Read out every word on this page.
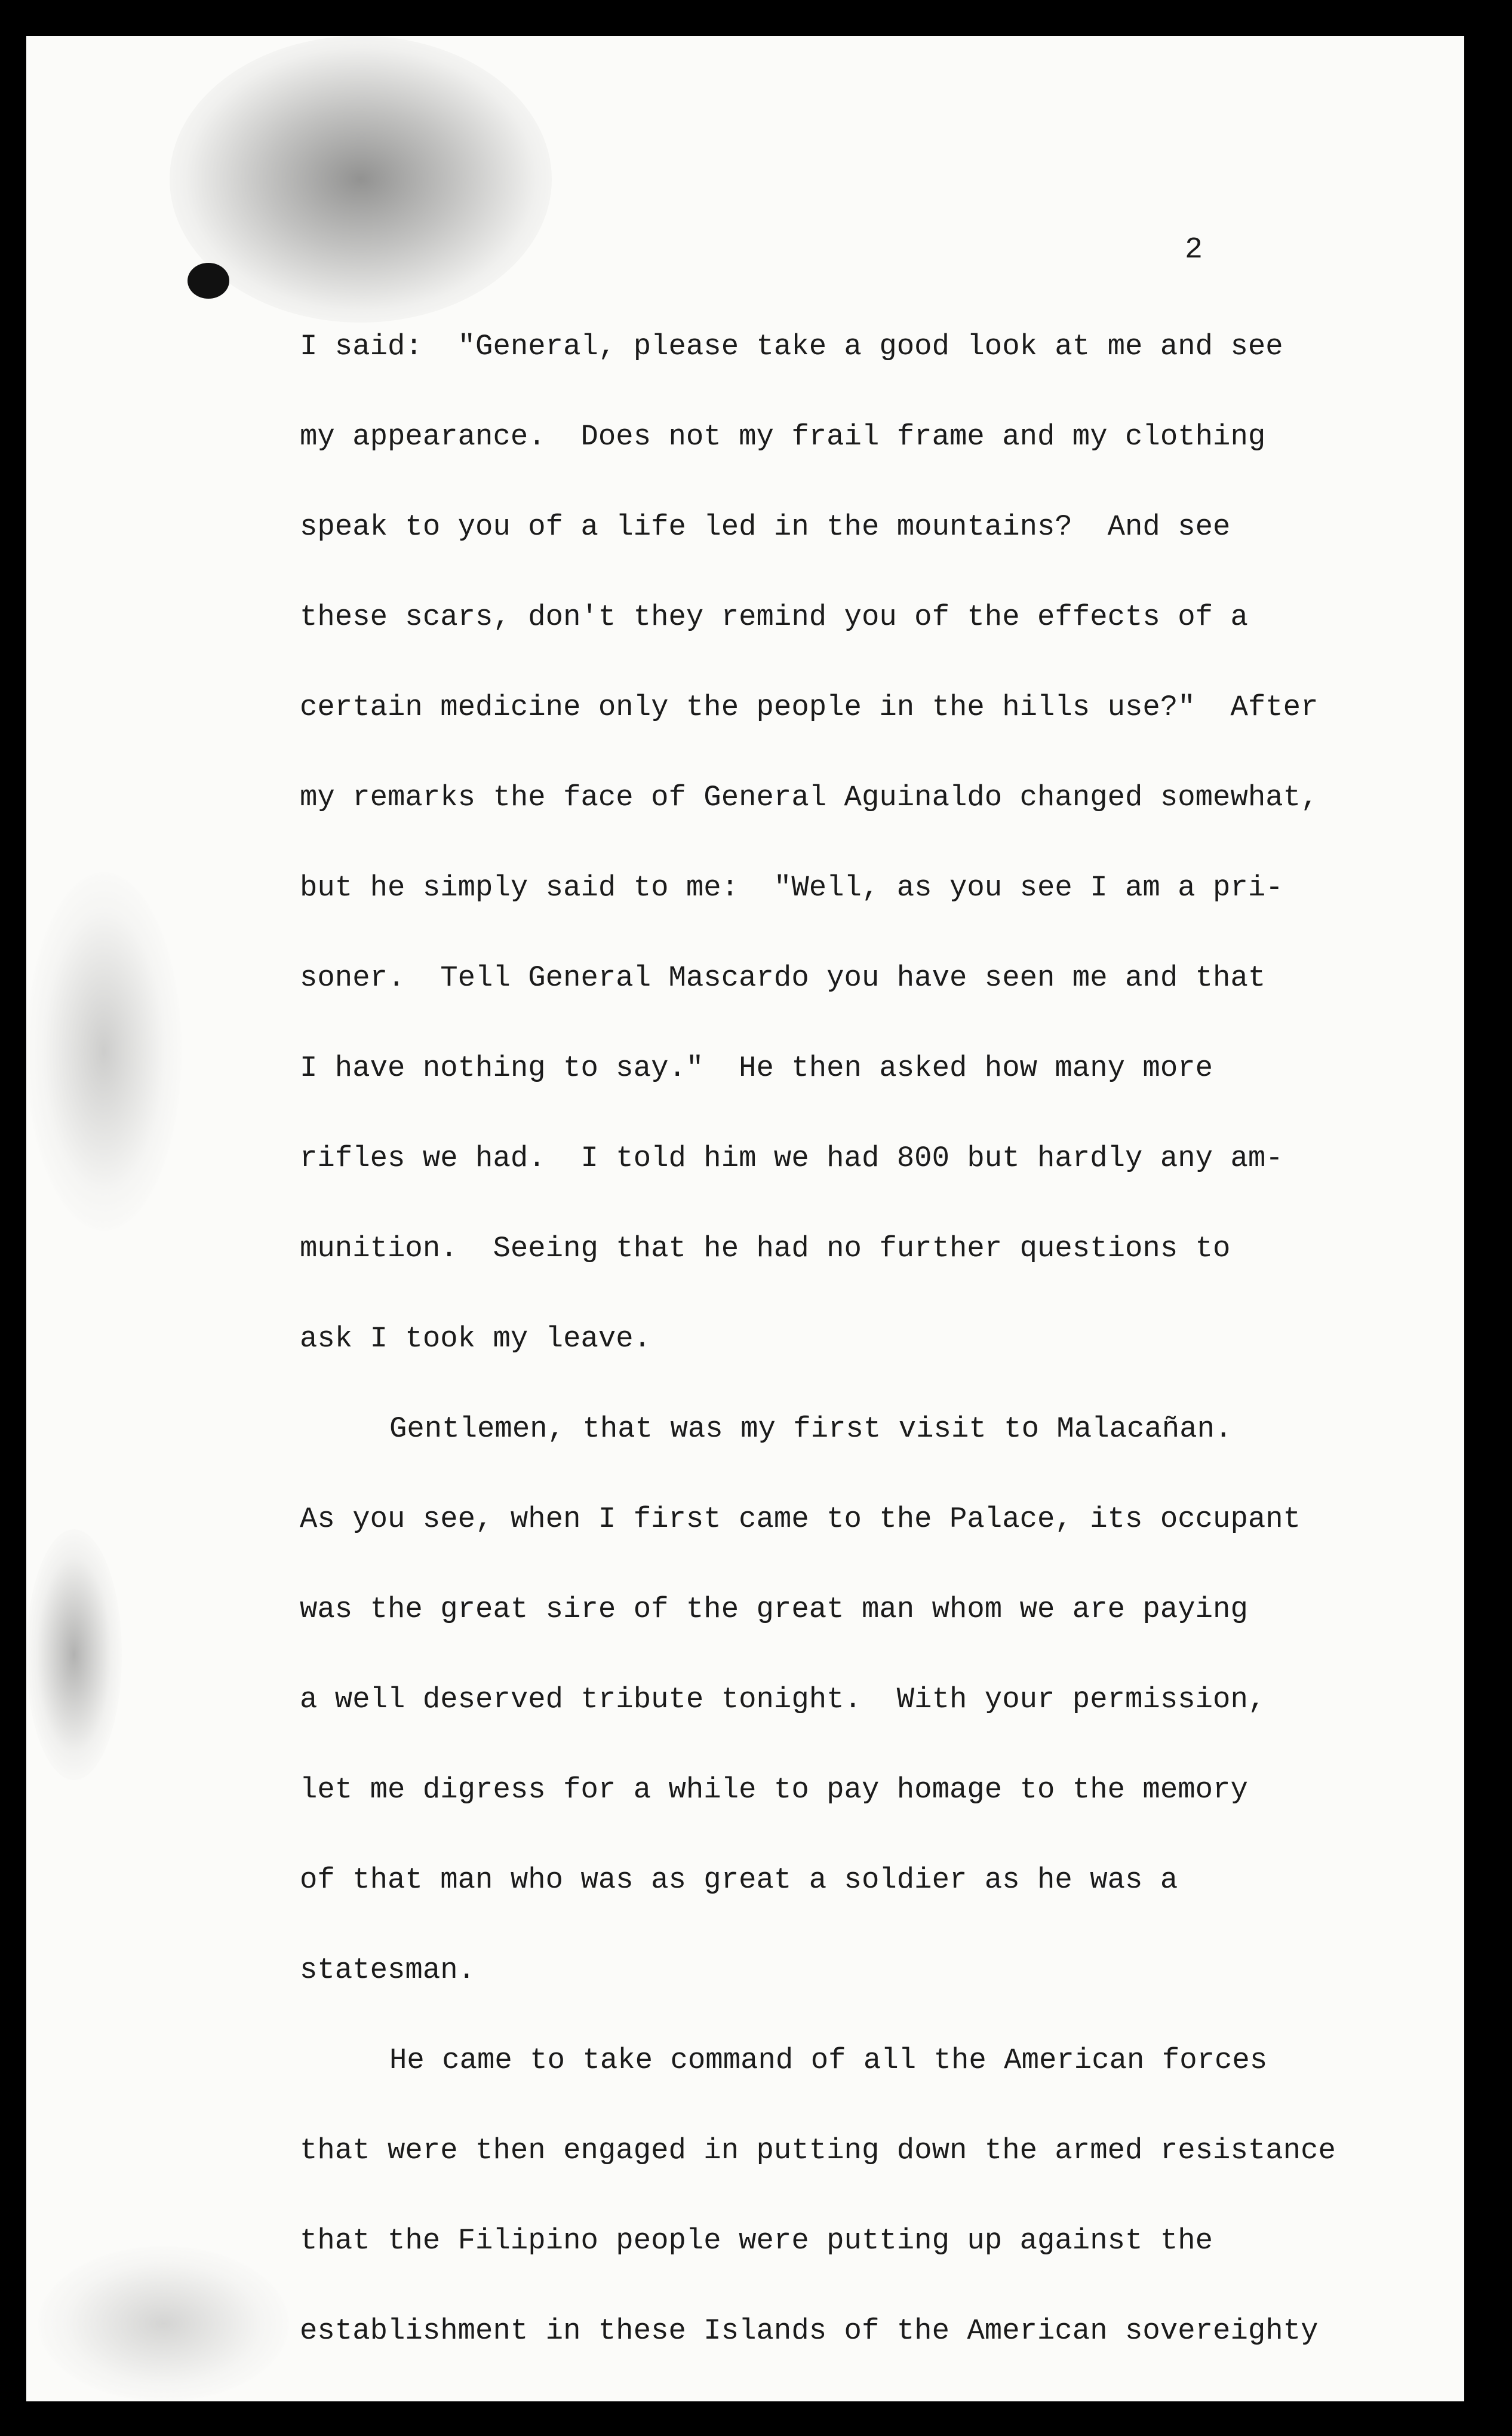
2

I said:  "General, please take a good look at me and see

my appearance.  Does not my frail frame and my clothing

speak to you of a life led in the mountains?  And see

these scars, don't they remind you of the effects of a

certain medicine only the people in the hills use?"  After

my remarks the face of General Aguinaldo changed somewhat,

but he simply said to me:  "Well, as you see I am a pri-

soner.  Tell General Mascardo you have seen me and that

I have nothing to say."  He then asked how many more

rifles we had.  I told him we had 800 but hardly any am-

munition.  Seeing that he had no further questions to

ask I took my leave.

Gentlemen, that was my first visit to Malacañan.

As you see, when I first came to the Palace, its occupant

was the great sire of the great man whom we are paying

a well deserved tribute tonight.  With your permission,

let me digress for a while to pay homage to the memory

of that man who was as great a soldier as he was a

statesman.

He came to take command of all the American forces

that were then engaged in putting down the armed resistance

that the Filipino people were putting up against the

establishment in these Islands of the American sovereighty
